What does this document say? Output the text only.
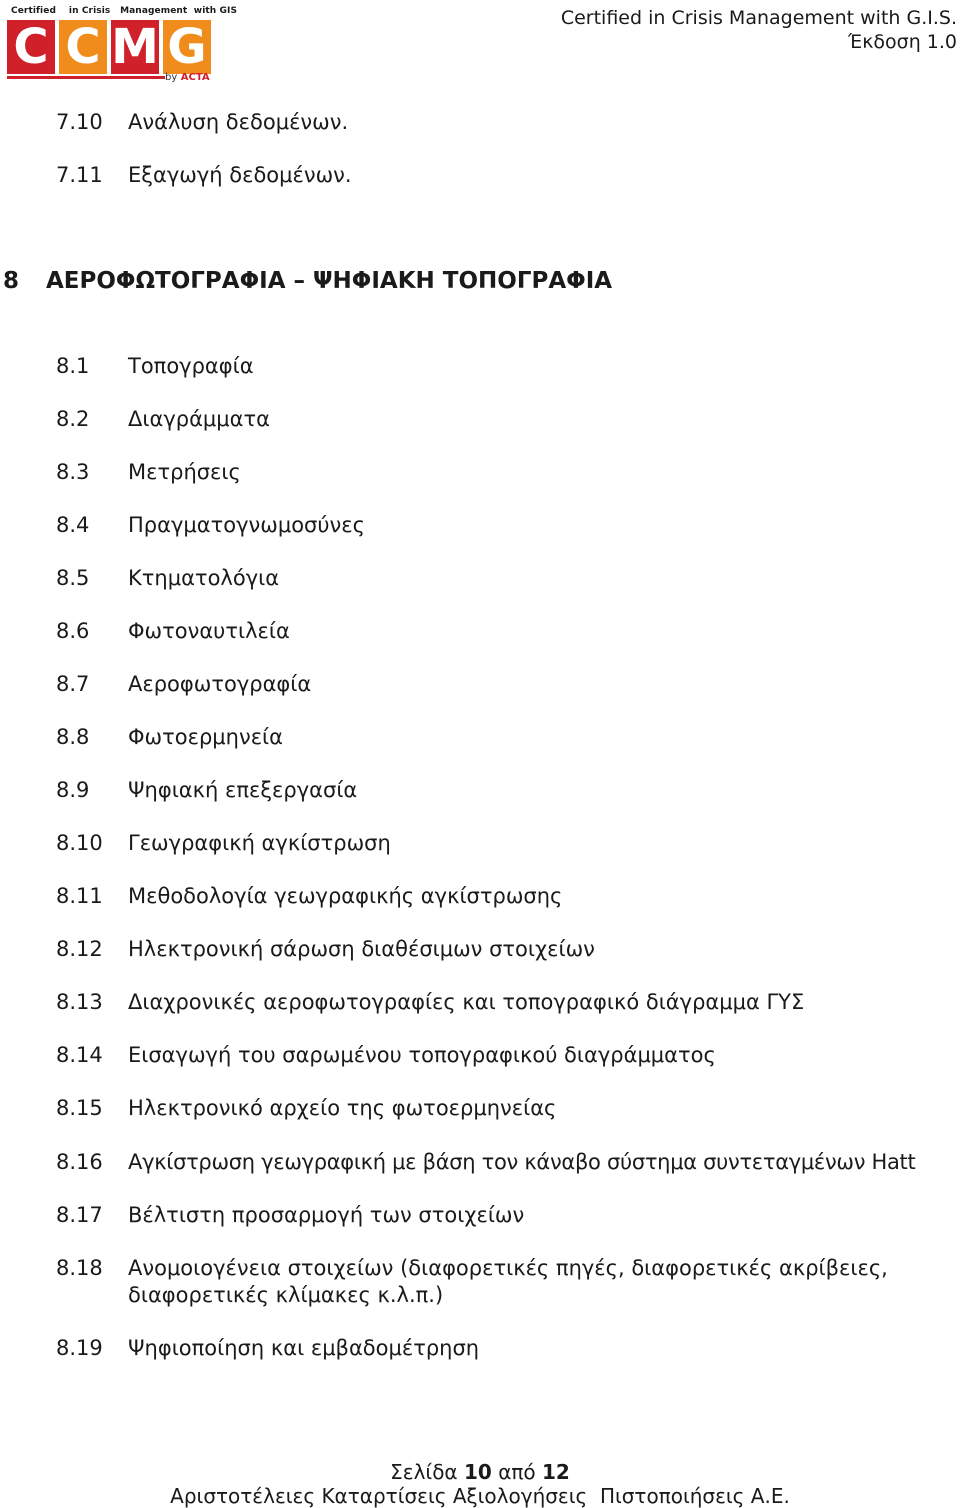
Certified in Crisis Management with GIS
C C M G
by ACTA
Certified in Crisis Management with G.I.S.
Έκδοση 1.0
7.10 Ανάλυση δεδομένων.
7.11 Εξαγωγή δεδομένων.
8 ΑΕΡΟΦΩΤΟΓΡΑΦΙΑ – ΨΗΦΙΑΚΗ ΤΟΠΟΓΡΑΦΙΑ
8.1 Τοπογραφία
8.2 Διαγράμματα
8.3 Μετρήσεις
8.4 Πραγματογνωμοσύνες
8.5 Κτηματολόγια
8.6 Φωτοναυτιλεία
8.7 Αεροφωτογραφία
8.8 Φωτοερμηνεία
8.9 Ψηφιακή επεξεργασία
8.10 Γεωγραφική αγκίστρωση
8.11 Μεθοδολογία γεωγραφικής αγκίστρωσης
8.12 Ηλεκτρονική σάρωση διαθέσιμων στοιχείων
8.13 Διαχρονικές αεροφωτογραφίες και τοπογραφικό διάγραμμα ΓΥΣ
8.14 Εισαγωγή του σαρωμένου τοπογραφικού διαγράμματος
8.15 Ηλεκτρονικό αρχείο της φωτοερμηνείας
8.16 Αγκίστρωση γεωγραφική με βάση τον κάναβο σύστημα συντεταγμένων Hatt
8.17 Βέλτιστη προσαρμογή των στοιχείων
8.18 Ανομοιογένεια στοιχείων (διαφορετικές πηγές, διαφορετικές ακρίβειες,
διαφορετικές κλίμακες κ.λ.π.)
8.19 Ψηφιοποίηση και εμβαδομέτρηση
Σελίδα 10 από 12
Αριστοτέλειες Καταρτίσεις Αξιολογήσεις  Πιστοποιήσεις Α.Ε.
